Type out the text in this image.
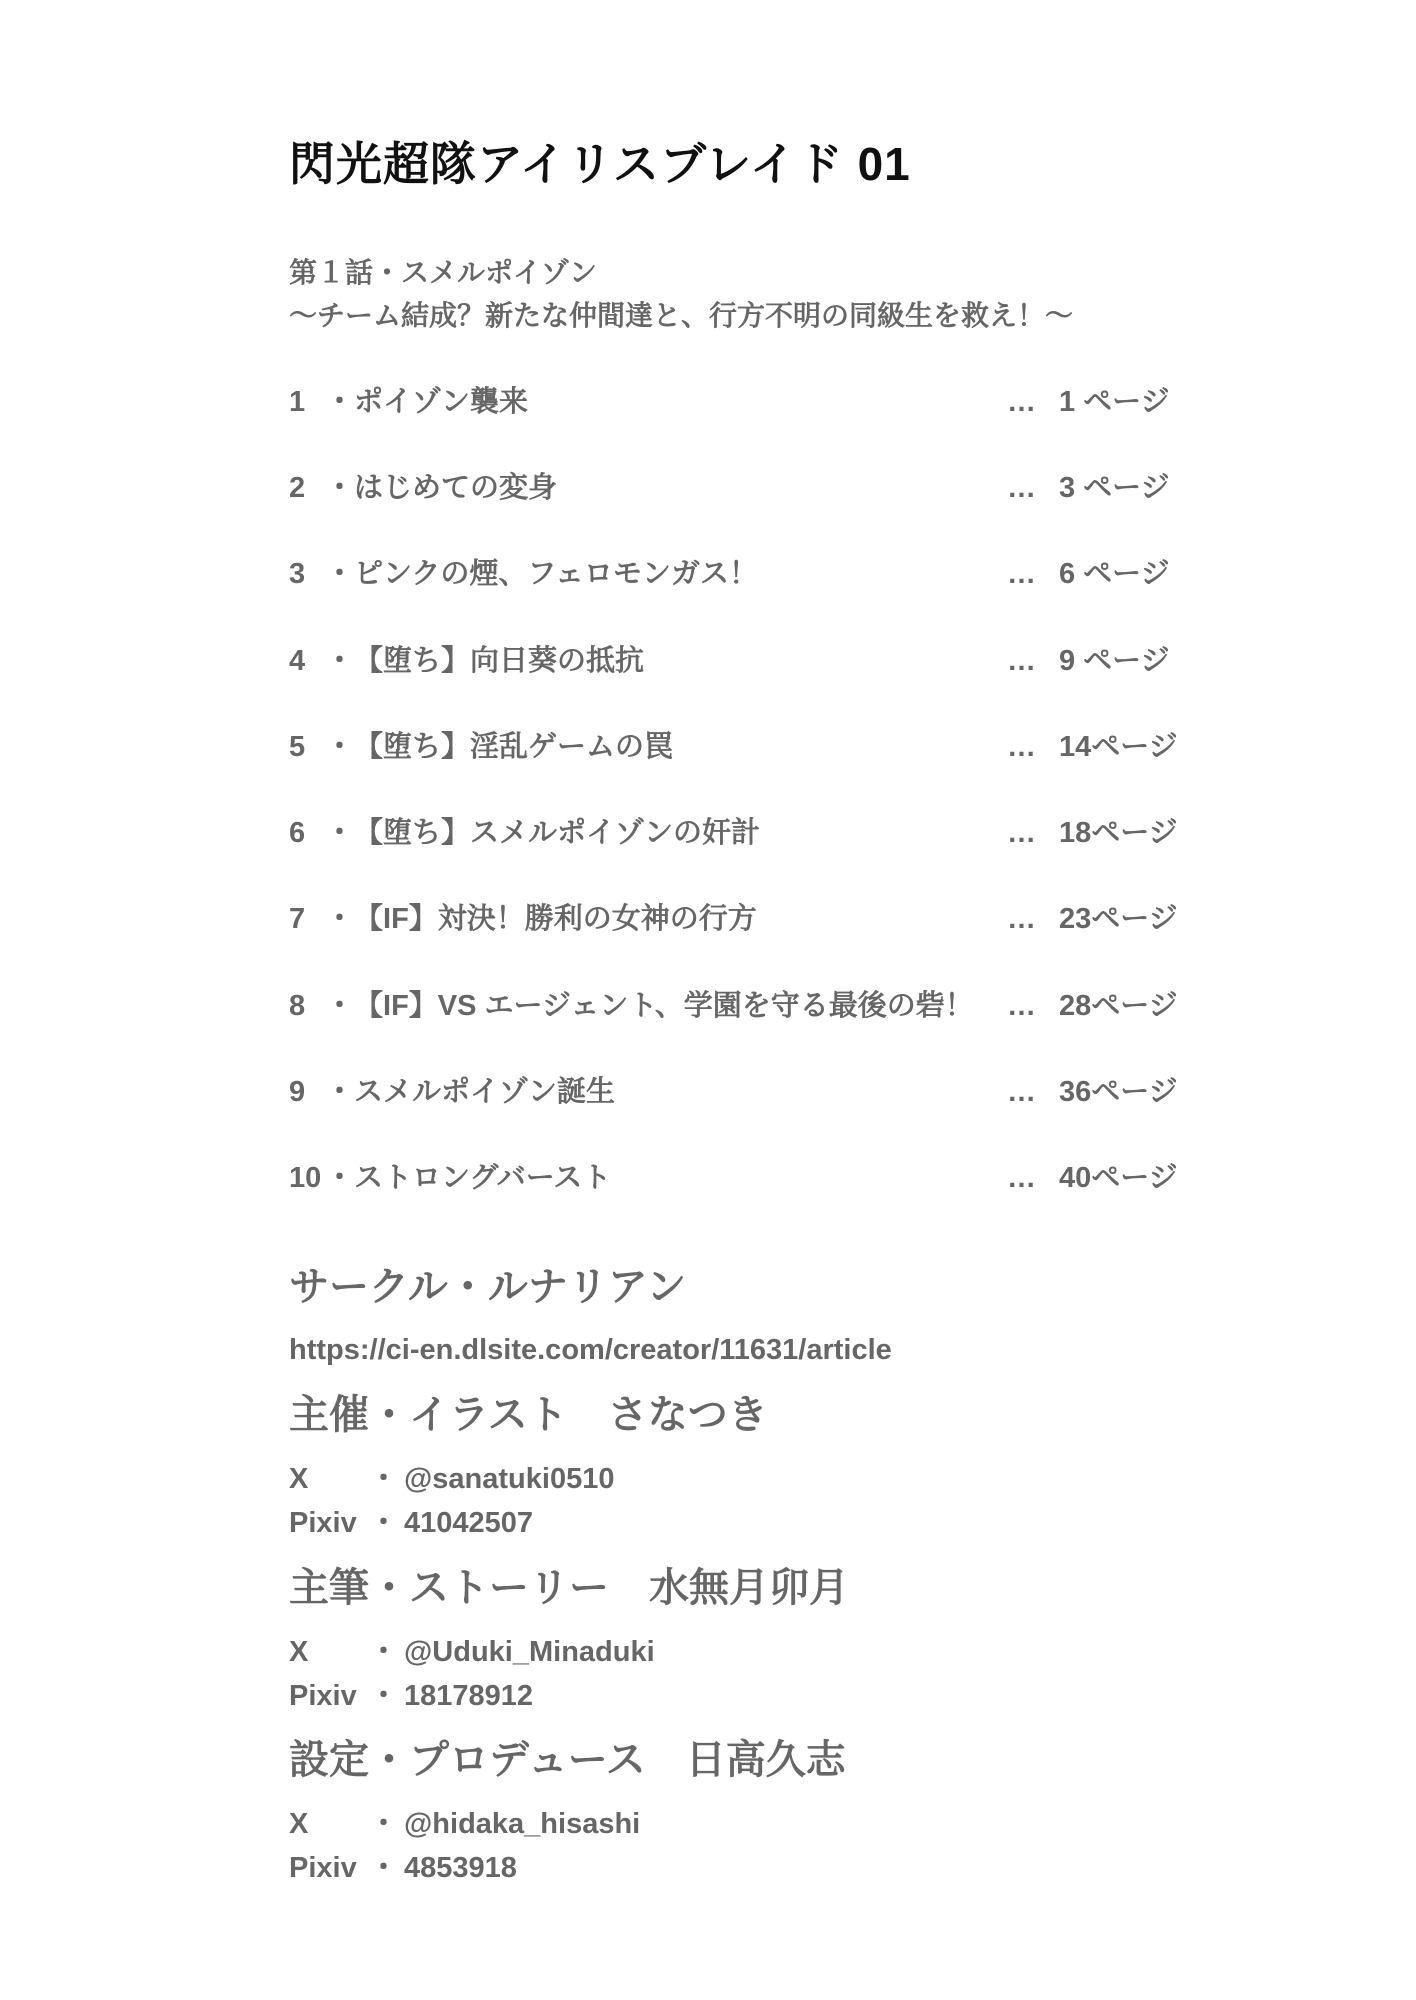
閃光超隊アイリスブレイド 01
第１話・スメルポイゾン
～チーム結成？新たな仲間達と、行方不明の同級生を救え！～
1 ・ ポイゾン襲来	… 1 ページ
2 ・ はじめての変身	… 3 ページ
3 ・ ピンクの煙、フェロモンガス！	… 6 ページ
4 ・ 【堕ち】向日葵の抵抗	… 9 ページ
5 ・ 【堕ち】淫乱ゲームの罠	… 14ページ
6 ・ 【堕ち】スメルポイゾンの奸計	… 18ページ
7 ・ 【IF】対決！勝利の女神の行方	… 23ページ
8 ・ 【IF】VS エージェント、学園を守る最後の砦！ … 28ページ
9 ・ スメルポイゾン誕生	… 36ページ
10 ・ ストロングバースト	… 40ページ
サークル・ルナリアン
https://ci-en.dlsite.com/creator/11631/article
主催・イラスト　さなつき
X ・ @sanatuki0510
Pixiv ・ 41042507
主筆・ストーリー　水無月卯月
X ・ @Uduki_Minaduki
Pixiv ・ 18178912
設定・プロデュース　日高久志
X ・ @hidaka_hisashi
Pixiv ・ 4853918
